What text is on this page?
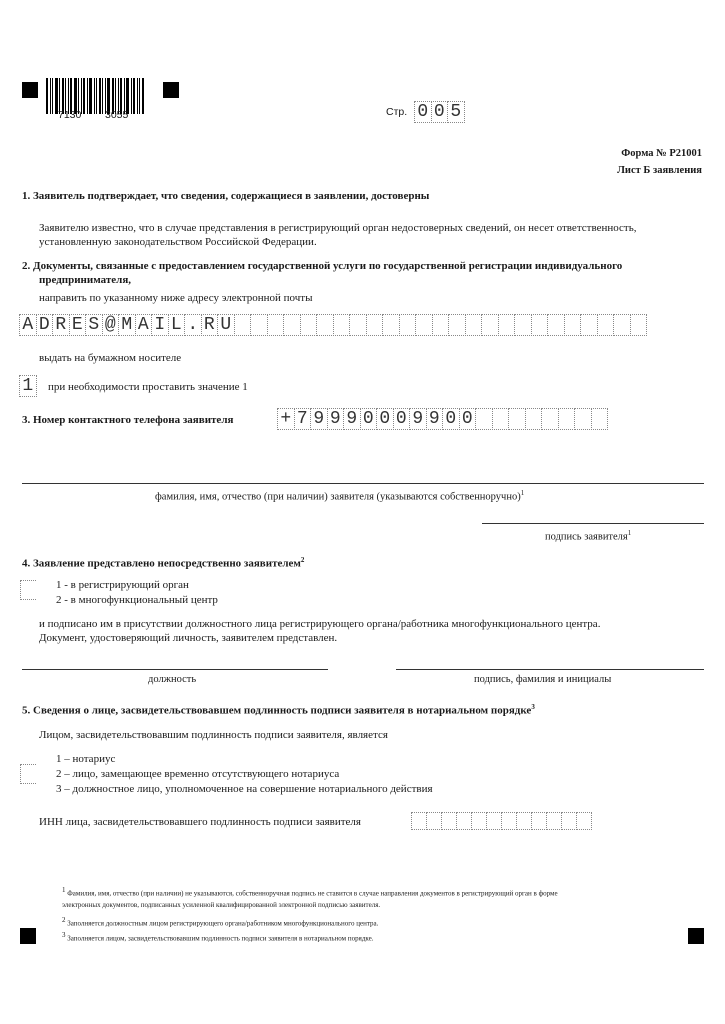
7130 3055	Стр. 0 0 5
Форма № Р21001
Лист Б заявления
1. Заявитель подтверждает, что сведения, содержащиеся в заявлении, достоверны
Заявителю известно, что в случае представления в регистрирующий орган недостоверных сведений, он несет ответственность,
установленную законодательством Российской Федерации.
2. Документы, связанные с предоставлением государственной услуги по государственной регистрации индивидуального
предпринимателя,
направить по указанному ниже адресу электронной почты
A D R E S @ M A I L . R U
выдать на бумажном носителе
1	при необходимости проставить значение 1
3. Номер контактного телефона заявителя	+ 7 9 9 9 0 0 0 9 9 0 0
фамилия, имя, отчество (при наличии) заявителя (указываются собственноручно)$^1$
подпись заявителя$^1$
4. Заявление представлено непосредственно заявителем$^2$
1 - в регистрирующий орган
2 - в многофункциональный центр
и подписано им в присутствии должностного лица регистрирующего органа/работника многофункционального центра.
Документ, удостоверяющий личность, заявителем представлен.
должность	подпись, фамилия и инициалы
5. Сведения о лице, засвидетельствовавшем подлинность подписи заявителя в нотариальном порядке$^3$
Лицом, засвидетельствовавшим подлинность подписи заявителя, является
1 – нотариус
2 – лицо, замещающее временно отсутствующего нотариуса
3 – должностное лицо, уполномоченное на совершение нотариального действия
ИНН лица, засвидетельствовавшего подлинность подписи заявителя
$^1$ Фамилия, имя, отчество (при наличии) не указываются, собственноручная подпись не ставится в случае направления документов в регистрирующий орган в форме
электронных документов, подписанных усиленной квалифицированной электронной подписью заявителя.
$^2$ Заполняется должностным лицом регистрирующего органа/работником многофункционального центра.
$^3$ Заполняется лицом, засвидетельствовавшим подлинность подписи заявителя в нотариальном порядке.
